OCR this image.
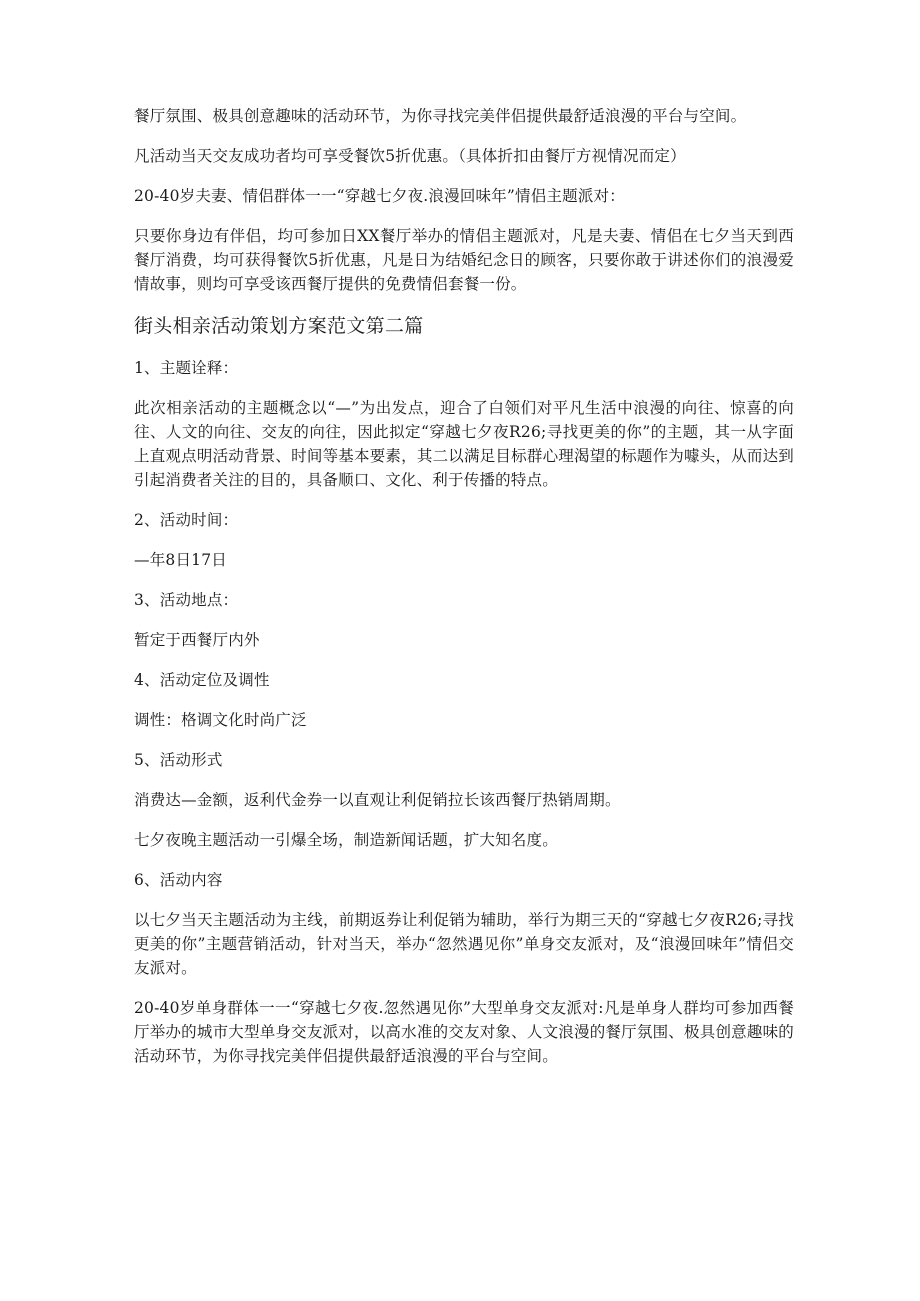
餐厅氛围、极具创意趣味的活动环节，为你寻找完美伴侣提供最舒适浪漫的平台与空间。

凡活动当天交友成功者均可享受餐饮5折优惠。（具体折扣由餐厅方视情况而定）

20-40岁夫妻、情侣群体一一“穿越七夕夜.浪漫回味年”情侣主题派对：

只要你身边有伴侣，均可参加日XX餐厅举办的情侣主题派对，凡是夫妻、情侣在七夕当天到西餐厅消费，均可获得餐饮5折优惠，凡是日为结婚纪念日的顾客，只要你敢于讲述你们的浪漫爱情故事，则均可享受该西餐厅提供的免费情侣套餐一份。

街头相亲活动策划方案范文第二篇

1、主题诠释：

此次相亲活动的主题概念以“—”为出发点，迎合了白领们对平凡生活中浪漫的向往、惊喜的向往、人文的向往、交友的向往，因此拟定“穿越七夕夜R26;寻找更美的你”的主题，其一从字面上直观点明活动背景、时间等基本要素，其二以满足目标群心理渴望的标题作为噱头，从而达到引起消费者关注的目的，具备顺口、文化、利于传播的特点。

2、活动时间：

—年8日17日

3、活动地点：

暂定于西餐厅内外

4、活动定位及调性

调性：格调文化时尚广泛

5、活动形式

消费达—金额，返利代金券一以直观让利促销拉长该西餐厅热销周期。

七夕夜晚主题活动一引爆全场，制造新闻话题，扩大知名度。

6、活动内容

以七夕当天主题活动为主线，前期返券让利促销为辅助，举行为期三天的“穿越七夕夜R26;寻找更美的你”主题营销活动，针对当天，举办“忽然遇见你”单身交友派对，及“浪漫回味年”情侣交友派对。

20-40岁单身群体一一“穿越七夕夜.忽然遇见你”大型单身交友派对:凡是单身人群均可参加西餐厅举办的城市大型单身交友派对，以高水准的交友对象、人文浪漫的餐厅氛围、极具创意趣味的活动环节，为你寻找完美伴侣提供最舒适浪漫的平台与空间。
